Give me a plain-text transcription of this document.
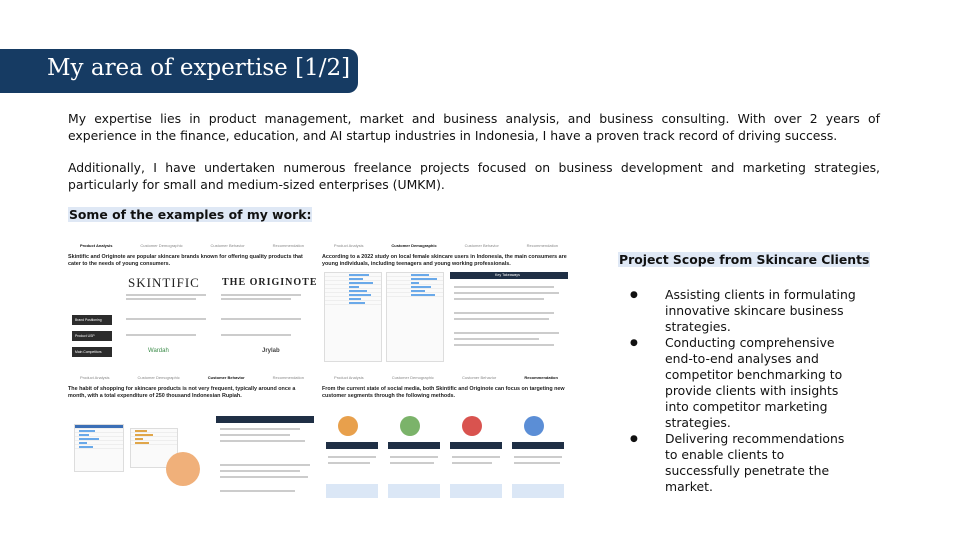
My area of expertise [1/2]

My expertise lies in product management, market and business analysis, and business consulting. With over 2 years of experience in the finance, education, and AI startup industries in Indonesia, I have a proven track record of driving success.

Additionally, I have undertaken numerous freelance projects focused on business development and marketing strategies, particularly for small and medium-sized enterprises (UMKM).

Some of the examples of my work:
Product Analysis	Customer Demographic	Customer Behavior	Recommendation
Skintific and Originote are popular skincare brands known for offering quality products that cater to the needs of young consumers.
SKINTIFIC THE ORIGINOTE
Brand Positioning
Product USP
Main Competitors	Wardah	Jrylab
Product Analysis	Customer Demographic	Customer Behavior	Recommendation
According to a 2022 study on local female skincare users in Indonesia, the main consumers are young individuals, including teenagers and young working professionals.
Key Takeaways
Product Analysis	Customer Demographic	Customer Behavior	Recommendation
The habit of shopping for skincare products is not very frequent, typically around once a month, with a total expenditure of 250 thousand Indonesian Rupiah.
Product Analysis	Customer Demographic	Customer Behavior	Recommendation
From the current state of social media, both Skintific and Originote can focus on targeting new customer segments through the following methods.
Project Scope from Skincare Clients
● Assisting clients in formulating innovative skincare business strategies.
● Conducting comprehensive end-to-end analyses and competitor benchmarking to provide clients with insights into competitor marketing strategies.
● Delivering recommendations to enable clients to successfully penetrate the market.
